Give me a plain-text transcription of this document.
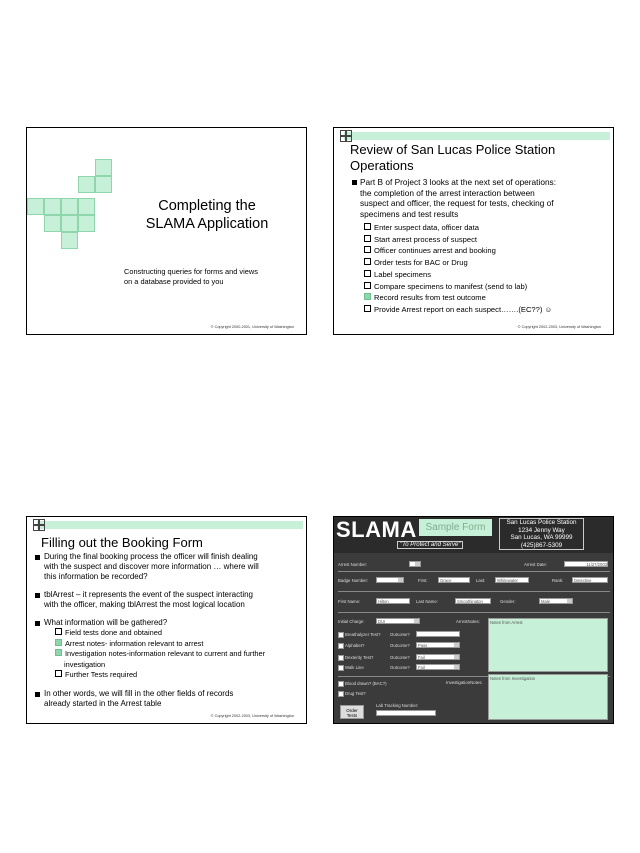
Completing the
SLAMA Application
Constructing queries for forms and views
on a database provided to you
© Copyright 2000-2001, University of Washington
Review of San Lucas Police Station
Operations
Part B of Project 3 looks at the next set of operations:
the completion of the arrest interaction between
suspect and officer, the request for tests, checking of
specimens and test results
Enter suspect data, officer data
Start arrest process of suspect
Officer continues arrest and booking
Order tests for BAC or Drug
Label specimens
Compare specimens to manifest (send to lab)
Record results from test outcome
Provide Arrest report on each suspect…….(EC??) ☺
© Copyright 2002-2003, University of Washington
Filling out the Booking Form
During the final booking process the officer will finish dealing
with the suspect and discover more information … where will
this information be recorded?
tblArrest – it represents the event of the suspect interacting
with the officer, making tblArrest the most logical location
What information will be gathered?
Field tests done and obtained
Arrest notes- information relevant to arrest
Investigation notes-information relevant to current and further
investigation
Further Tests required
In other words, we will fill in the other fields of records
already started in the Arrest table
© Copyright 2002-2003, University of Washington
SLAMA Sample Form
"To Protect and Serve"
San Lucas Police Station
1234 Jenny Way
San Lucas, WA 99999
(425)867-5309
Arrest Number:	Arrest Date:	11/27/2003
Badge Number:	First:	Grace	Last:	Whitewater	Rank:	Detective
First Name:	Hilton	Last Name:	Smoothington	Gender:	Male
Initial Charge:	DUI	ArrestNotes:	Notes from Arrest
Breathalyzer Test? Outcome?
Alphabet?	Outcome?	Pass
Dexterity Test?	Outcome?	Fail
Walk Line	Outcome?	Fail
Blood drawn? (BAC?)
Drug Test?
InvestigationNotes:
Notes from Investigation
Lab Tracking Number:
Order
Tests
